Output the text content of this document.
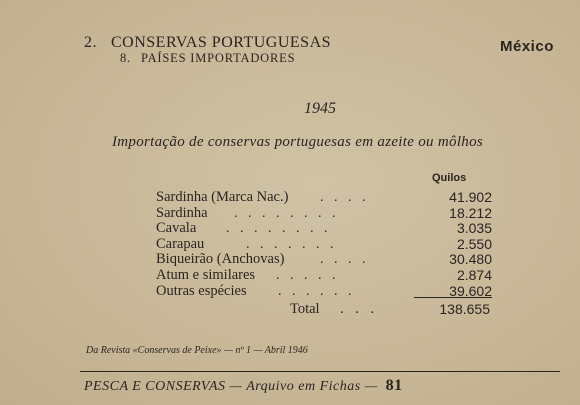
2. CONSERVAS PORTUGUESAS
8. PAÍSES IMPORTADORES
México
1945
Importação de conservas portuguesas em azeite ou môlhos
Quilos
Sardinha (Marca Nac.) .   .   .   .	41.902
Sardinha .   .   .   .   .   .   .   .	18.212
Cavala .   .   .   .   .   .   .   .	3.035
Carapau	.   .   .   .   .   .   .	2.550
Biqueirão (Anchovas)	.   .   .   .	30.480
Atum e similares .   .   .   .   .	2.874
Outras espécies .   .   .   .   .   .	39.602
Total . . .	138.655
Da Revista «Conservas de Peixe» — nº 1 — Abril 1946
PESCA E CONSERVAS — Arquivo em Fichas — 81
